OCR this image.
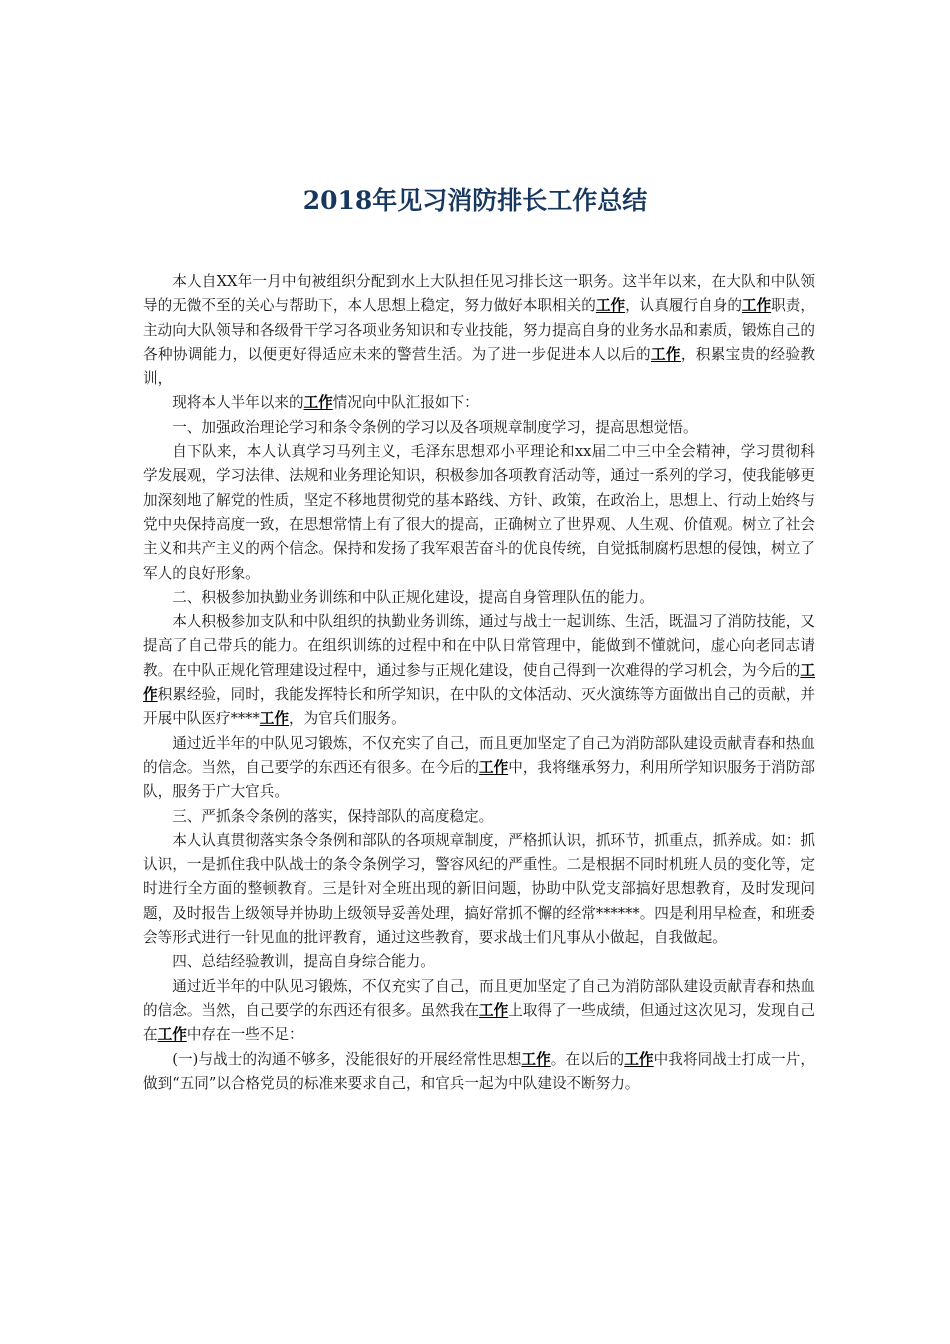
2018年见习消防排长工作总结

本人自XX年一月中旬被组织分配到水上大队担任见习排长这一职务。这半年以来，在大队和中队领导的无微不至的关心与帮助下，本人思想上稳定，努力做好本职相关的工作，认真履行自身的工作职责，主动向大队领导和各级骨干学习各项业务知识和专业技能，努力提高自身的业务水品和素质，锻炼自己的各种协调能力，以便更好得适应未来的警营生活。为了进一步促进本人以后的工作，积累宝贵的经验教训，

现将本人半年以来的工作情况向中队汇报如下：

一、加强政治理论学习和条令条例的学习以及各项规章制度学习，提高思想觉悟。

自下队来，本人认真学习马列主义，毛泽东思想邓小平理论和xx届二中三中全会精神，学习贯彻科学发展观，学习法律、法规和业务理论知识，积极参加各项教育活动等，通过一系列的学习，使我能够更加深刻地了解党的性质，坚定不移地贯彻党的基本路线、方针、政策，在政治上，思想上、行动上始终与党中央保持高度一致，在思想常情上有了很大的提高，正确树立了世界观、人生观、价值观。树立了社会主义和共产主义的两个信念。保持和发扬了我军艰苦奋斗的优良传统，自觉抵制腐朽思想的侵蚀，树立了军人的良好形象。

二、积极参加执勤业务训练和中队正规化建设，提高自身管理队伍的能力。

本人积极参加支队和中队组织的执勤业务训练，通过与战士一起训练、生活，既温习了消防技能，又提高了自己带兵的能力。在组织训练的过程中和在中队日常管理中，能做到不懂就问，虚心向老同志请教。在中队正规化管理建设过程中，通过参与正规化建设，使自己得到一次难得的学习机会，为今后的工作积累经验，同时，我能发挥特长和所学知识，在中队的文体活动、灭火演练等方面做出自己的贡献，并开展中队医疗****工作，为官兵们服务。

通过近半年的中队见习锻炼，不仅充实了自己，而且更加坚定了自己为消防部队建设贡献青春和热血的信念。当然，自己要学的东西还有很多。在今后的工作中，我将继承努力，利用所学知识服务于消防部队，服务于广大官兵。

三、严抓条令条例的落实，保持部队的高度稳定。

本人认真贯彻落实条令条例和部队的各项规章制度，严格抓认识，抓环节，抓重点，抓养成。如：抓认识，一是抓住我中队战士的条令条例学习，警容风纪的严重性。二是根据不同时机班人员的变化等，定时进行全方面的整顿教育。三是针对全班出现的新旧问题，协助中队党支部搞好思想教育，及时发现问题，及时报告上级领导并协助上级领导妥善处理，搞好常抓不懈的经常******。四是利用早检查，和班委会等形式进行一针见血的批评教育，通过这些教育，要求战士们凡事从小做起，自我做起。

四、总结经验教训，提高自身综合能力。

通过近半年的中队见习锻炼，不仅充实了自己，而且更加坚定了自己为消防部队建设贡献青春和热血的信念。当然，自己要学的东西还有很多。虽然我在工作上取得了一些成绩，但通过这次见习，发现自己在工作中存在一些不足：

(一)与战士的沟通不够多，没能很好的开展经常性思想工作。在以后的工作中我将同战士打成一片，做到“五同”以合格党员的标准来要求自己，和官兵一起为中队建设不断努力。
